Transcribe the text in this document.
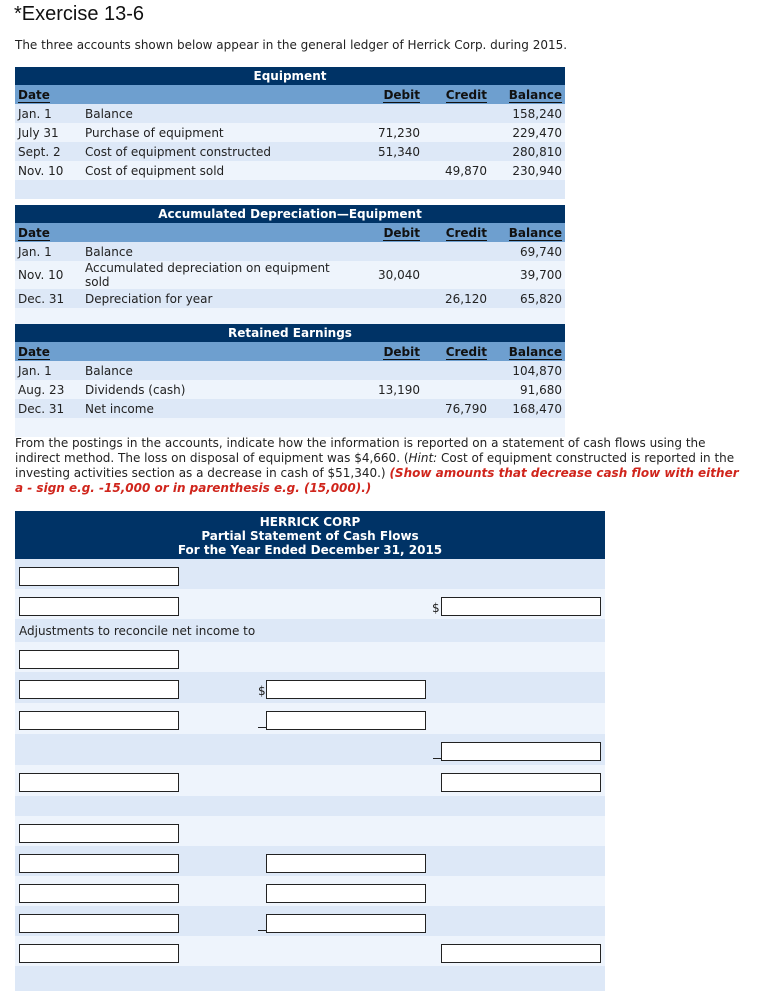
*Exercise 13-6
The three accounts shown below appear in the general ledger of Herrick Corp. during 2015.
Equipment				
Date		Debit	Credit	Balance
Jan. 1	Balance			158,240
July 31	Purchase of equipment	71,230		229,470
Sept. 2	Cost of equipment constructed	51,340		280,810
Nov. 10	Cost of equipment sold		49,870	230,940

Accumulated Depreciation—Equipment				
Date		Debit	Credit	Balance
Jan. 1	Balance			69,740
Nov. 10	Accumulated depreciation on equipment sold	30,040		39,700
Dec. 31	Depreciation for year		26,120	65,820

Retained Earnings				
Date		Debit	Credit	Balance
Jan. 1	Balance			104,870
Aug. 23	Dividends (cash)	13,190		91,680
Dec. 31	Net income		76,790	168,470

From the postings in the accounts, indicate how the information is reported on a statement of cash flows using the indirect method. The loss on disposal of equipment was $4,660. (Hint: Cost of equipment constructed is reported in the investing activities section as a decrease in cash of $51,340.) (Show amounts that decrease cash flow with either a - sign e.g. -15,000 or in parenthesis e.g. (15,000).)
HERRICK CORP
Partial Statement of Cash Flows
For the Year Ended December 31, 2015
$
Adjustments to reconcile net income to
$
